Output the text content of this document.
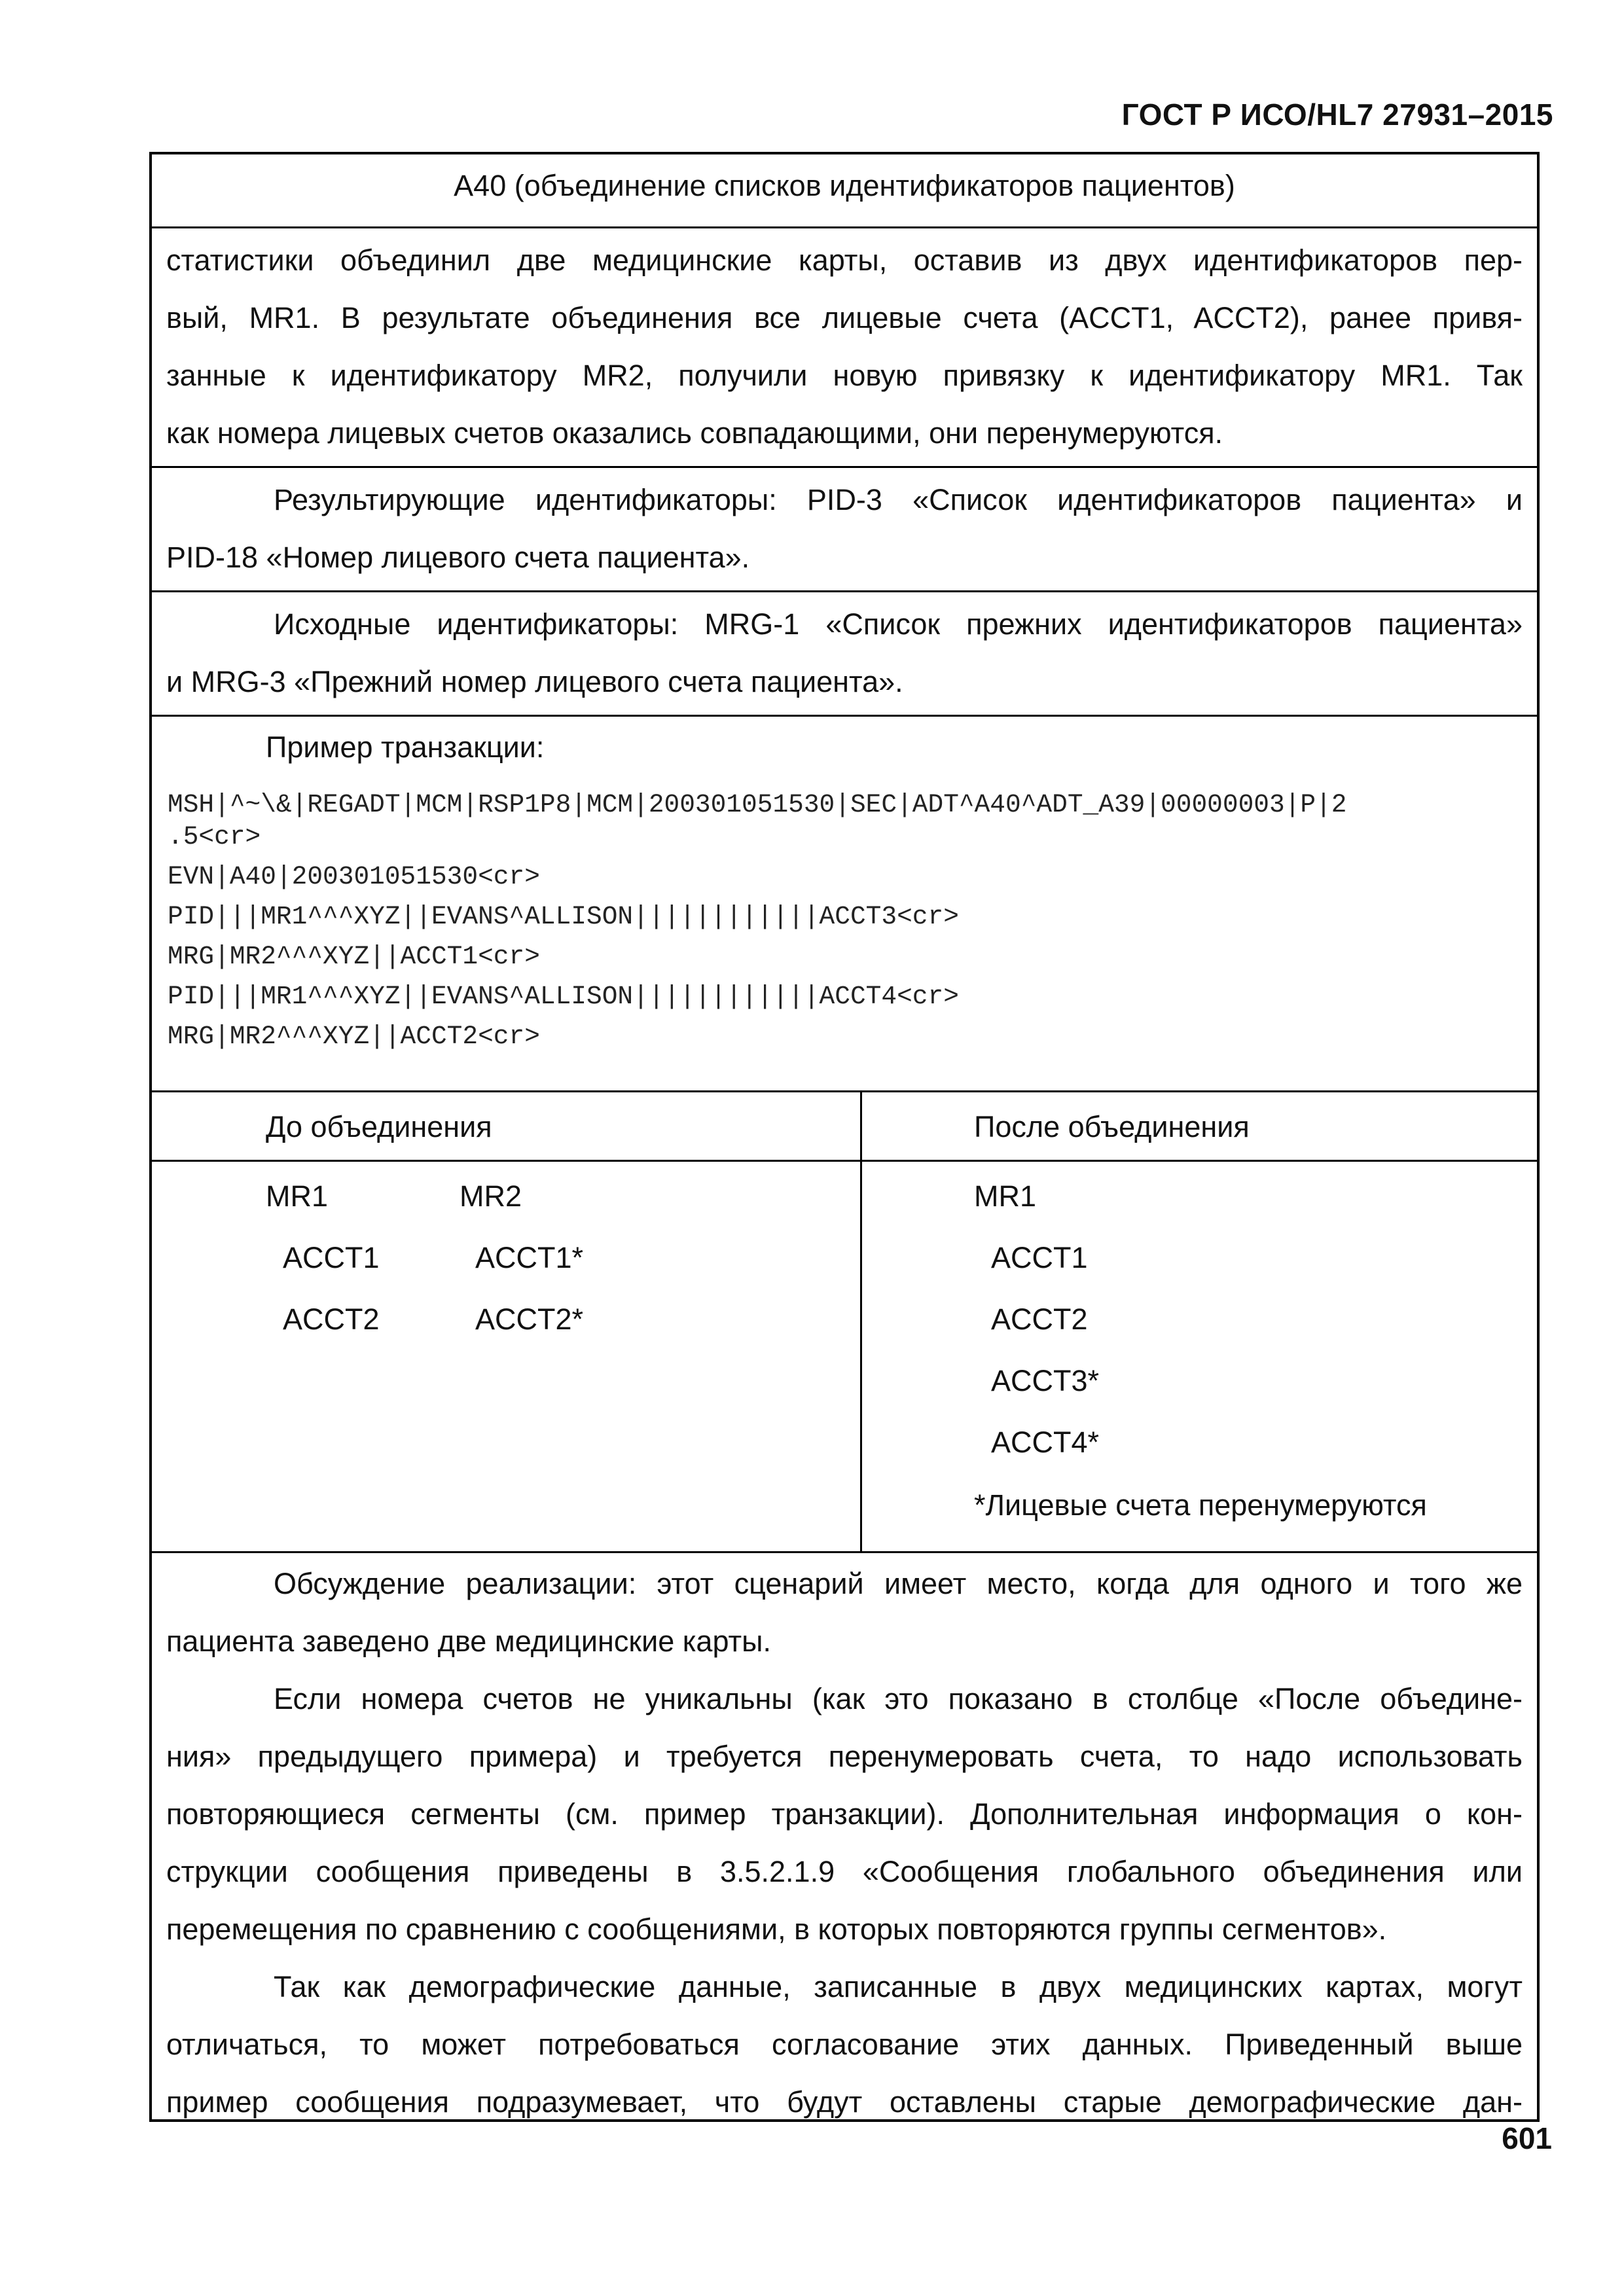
ГОСТ Р ИСО/HL7 27931–2015
A40 (объединение списков идентификаторов пациентов)
статистики объединил две медицинские карты, оставив из двух идентификаторов пер-
вый, MR1. В результате объединения все лицевые счета (ACCT1, ACCT2), ранее привя-
занные к идентификатору MR2, получили новую привязку к идентификатору MR1. Так
как номера лицевых счетов оказались совпадающими, они перенумеруются.
Результирующие идентификаторы: PID-3 «Список идентификаторов пациента» и
PID-18 «Номер лицевого счета пациента».
Исходные идентификаторы: MRG-1 «Список прежних идентификаторов пациента»
и MRG-3 «Прежний номер лицевого счета пациента».
Пример транзакции:
MSH|^~\&|REGADT|MCM|RSP1P8|MCM|200301051530|SEC|ADT^A40^ADT_A39|00000003|P|2
.5<cr>
EVN|A40|200301051530<cr>
PID|||MR1^^^XYZ||EVANS^ALLISON||||||||||||ACCT3<cr>
MRG|MR2^^^XYZ||ACCT1<cr>
PID|||MR1^^^XYZ||EVANS^ALLISON||||||||||||ACCT4<cr>
MRG|MR2^^^XYZ||ACCT2<cr>
До объединения	После объединения
MR1
ACCT1
ACCT2
MR2
ACCT1*
ACCT2*
MR1
ACCT1
ACCT2
ACCT3*
ACCT4*
*Лицевые счета перенумеруются
Обсуждение реализации: этот сценарий имеет место, когда для одного и того же
пациента заведено две медицинские карты.
Если номера счетов не уникальны (как это показано в столбце «После объедине-
ния» предыдущего примера) и требуется перенумеровать счета, то надо использовать
повторяющиеся сегменты (см. пример транзакции). Дополнительная информация о кон-
струкции сообщения приведены в 3.5.2.1.9 «Сообщения глобального объединения или
перемещения по сравнению с сообщениями, в которых повторяются группы сегментов».
Так как демографические данные, записанные в двух медицинских картах, могут
отличаться, то может потребоваться согласование этих данных. Приведенный выше
пример сообщения подразумевает, что будут оставлены старые демографические дан-
601
